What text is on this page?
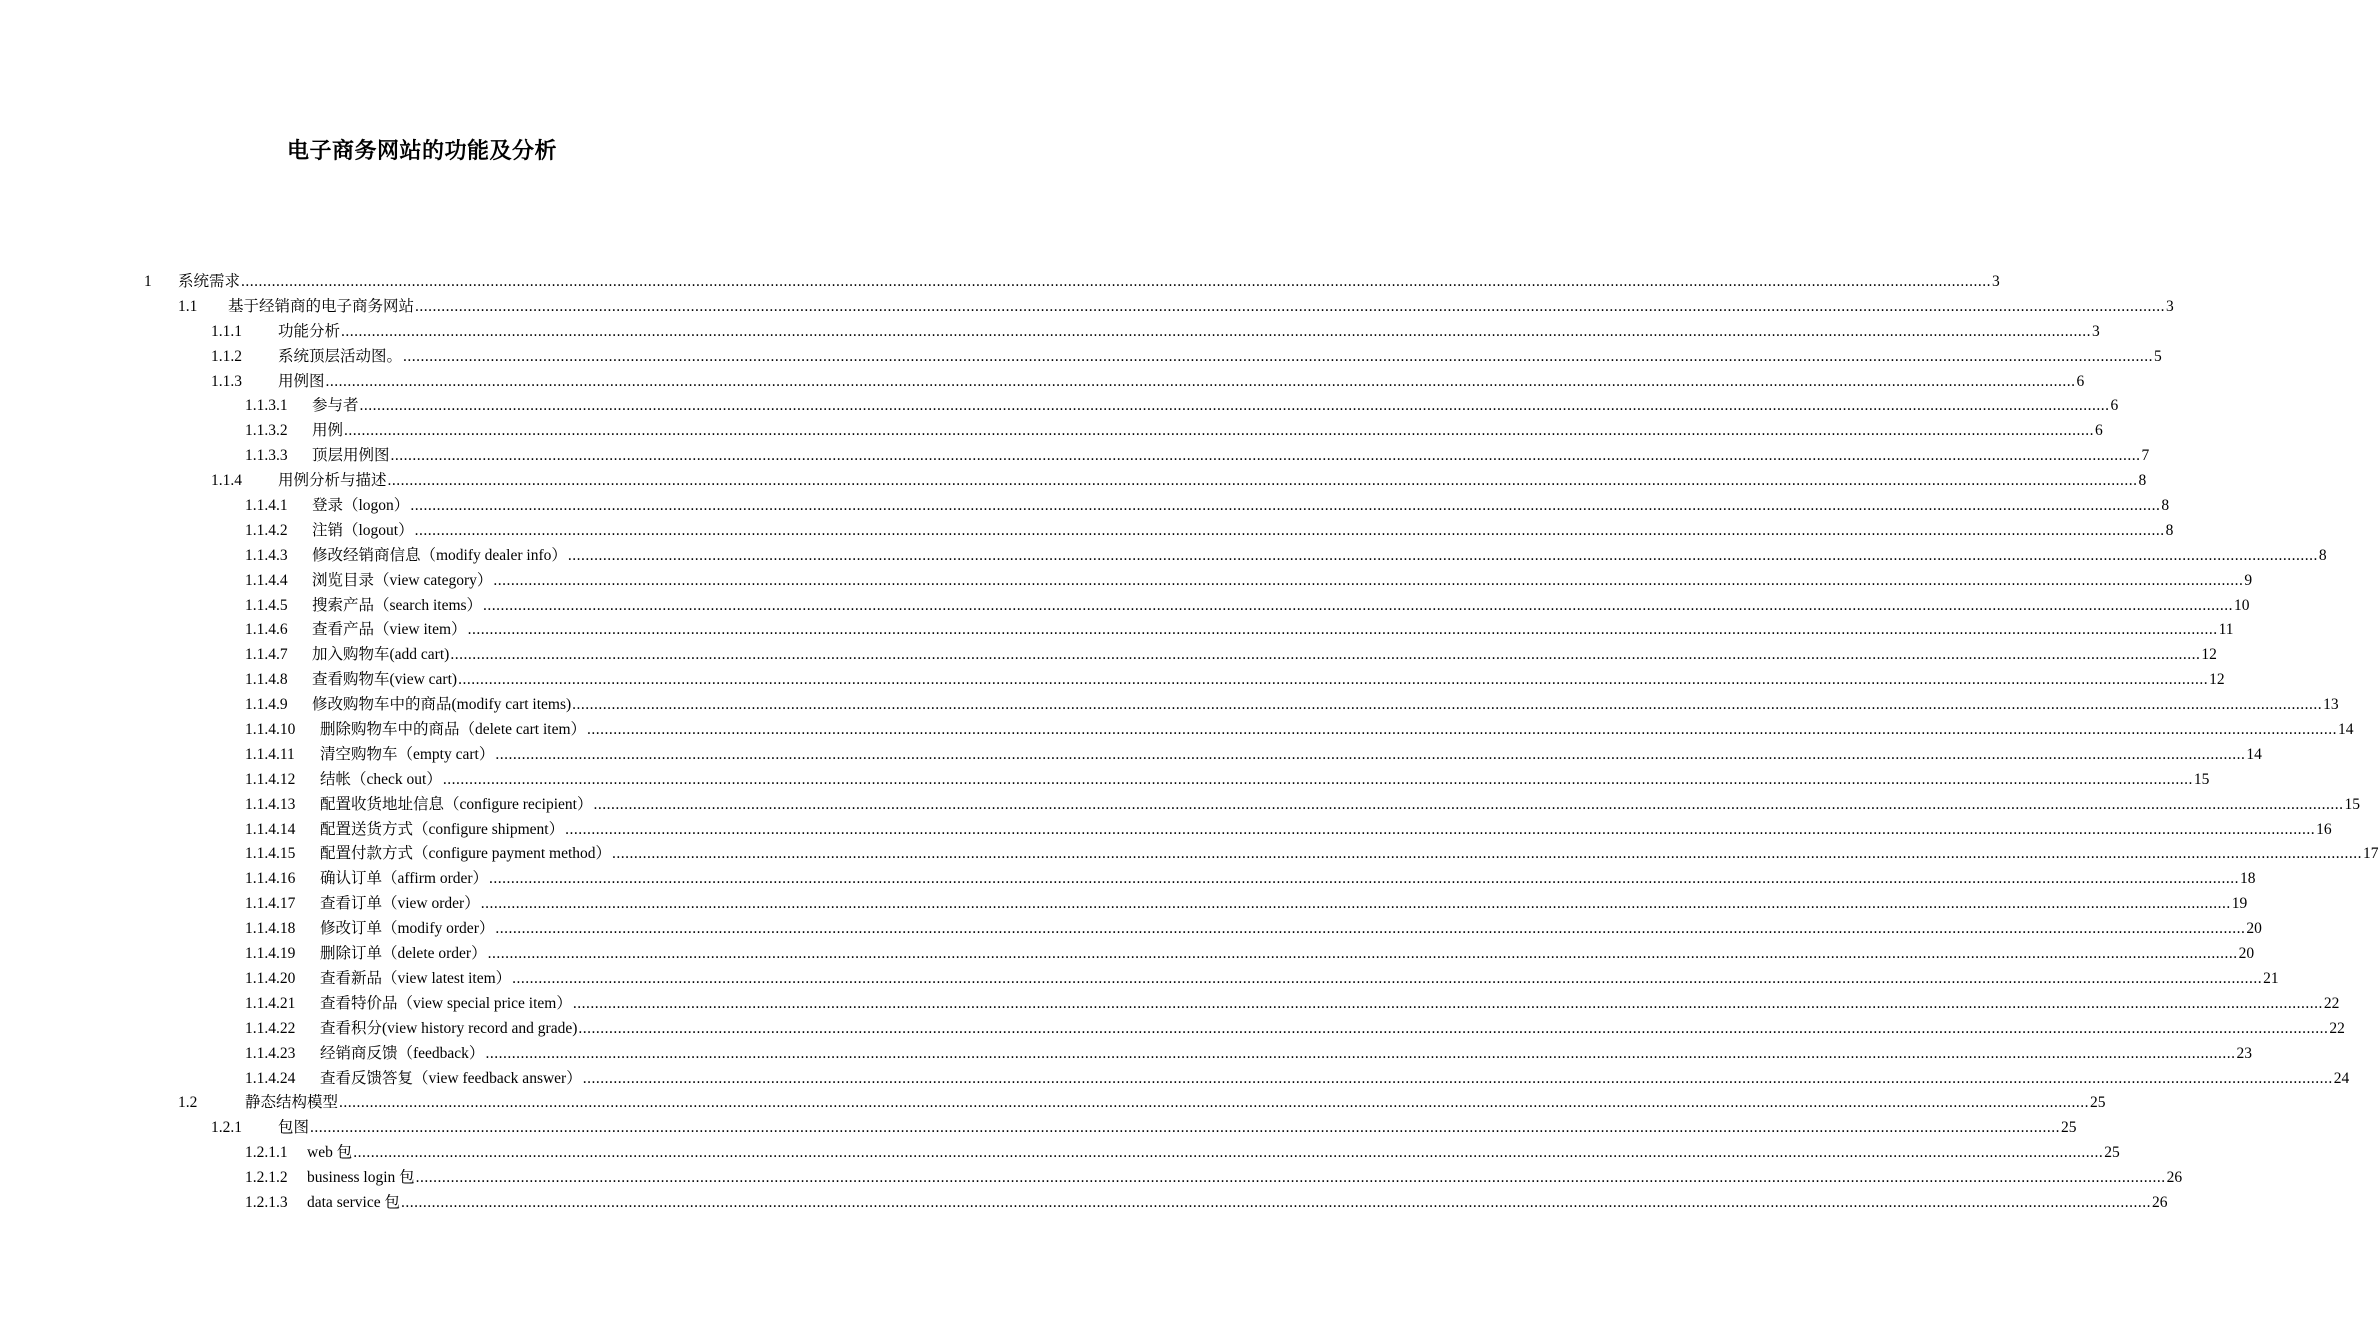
电子商务网站的功能及分析
1 系统需求 ................................................................................................................................................................................................................................................................................................................................................................................................................ 3
1.1 基于经销商的电子商务网站 ................................................................................................................................................................................................................................................................................................................................................................................................................ 3
1.1.1 功能分析 ................................................................................................................................................................................................................................................................................................................................................................................................................ 3
1.1.2 系统顶层活动图。 ................................................................................................................................................................................................................................................................................................................................................................................................................ 5
1.1.3 用例图 ................................................................................................................................................................................................................................................................................................................................................................................................................ 6
1.1.3.1 参与者 ................................................................................................................................................................................................................................................................................................................................................................................................................ 6
1.1.3.2 用例 ................................................................................................................................................................................................................................................................................................................................................................................................................ 6
1.1.3.3 顶层用例图 ................................................................................................................................................................................................................................................................................................................................................................................................................ 7
1.1.4 用例分析与描述 ................................................................................................................................................................................................................................................................................................................................................................................................................ 8
1.1.4.1 登录（logon） ................................................................................................................................................................................................................................................................................................................................................................................................................ 8
1.1.4.2 注销（logout） ................................................................................................................................................................................................................................................................................................................................................................................................................ 8
1.1.4.3 修改经销商信息（modify dealer info） ................................................................................................................................................................................................................................................................................................................................................................................................................ 8
1.1.4.4 浏览目录（view category） ................................................................................................................................................................................................................................................................................................................................................................................................................ 9
1.1.4.5 搜索产品（search items） ................................................................................................................................................................................................................................................................................................................................................................................................................ 10
1.1.4.6 查看产品（view item） ................................................................................................................................................................................................................................................................................................................................................................................................................ 11
1.1.4.7 加入购物车(add cart) ................................................................................................................................................................................................................................................................................................................................................................................................................ 12
1.1.4.8 查看购物车(view cart) ................................................................................................................................................................................................................................................................................................................................................................................................................ 12
1.1.4.9 修改购物车中的商品(modify cart items) ................................................................................................................................................................................................................................................................................................................................................................................................................ 13
1.1.4.10 删除购物车中的商品（delete cart item） ................................................................................................................................................................................................................................................................................................................................................................................................................ 14
1.1.4.11 清空购物车（empty cart） ................................................................................................................................................................................................................................................................................................................................................................................................................ 14
1.1.4.12 结帐（check out） ................................................................................................................................................................................................................................................................................................................................................................................................................ 15
1.1.4.13 配置收货地址信息（configure recipient） ................................................................................................................................................................................................................................................................................................................................................................................................................ 15
1.1.4.14 配置送货方式（configure shipment） ................................................................................................................................................................................................................................................................................................................................................................................................................ 16
1.1.4.15 配置付款方式（configure payment method） ................................................................................................................................................................................................................................................................................................................................................................................................................ 17
1.1.4.16 确认订单（affirm order） ................................................................................................................................................................................................................................................................................................................................................................................................................ 18
1.1.4.17 查看订单（view order） ................................................................................................................................................................................................................................................................................................................................................................................................................ 19
1.1.4.18 修改订单（modify order） ................................................................................................................................................................................................................................................................................................................................................................................................................ 20
1.1.4.19 删除订单（delete order） ................................................................................................................................................................................................................................................................................................................................................................................................................ 20
1.1.4.20 查看新品（view latest item） ................................................................................................................................................................................................................................................................................................................................................................................................................ 21
1.1.4.21 查看特价品（view special price item） ................................................................................................................................................................................................................................................................................................................................................................................................................ 22
1.1.4.22 查看积分(view history record and grade) ................................................................................................................................................................................................................................................................................................................................................................................................................ 22
1.1.4.23 经销商反馈（feedback） ................................................................................................................................................................................................................................................................................................................................................................................................................ 23
1.1.4.24 查看反馈答复（view feedback answer） ................................................................................................................................................................................................................................................................................................................................................................................................................ 24
1.2	静态结构模型 ................................................................................................................................................................................................................................................................................................................................................................................................................ 25
1.2.1 包图 ................................................................................................................................................................................................................................................................................................................................................................................................................ 25
1.2.1.1 web 包 ................................................................................................................................................................................................................................................................................................................................................................................................................ 25
1.2.1.2 business login 包 ................................................................................................................................................................................................................................................................................................................................................................................................................ 26
1.2.1.3 data service 包 ................................................................................................................................................................................................................................................................................................................................................................................................................ 26
